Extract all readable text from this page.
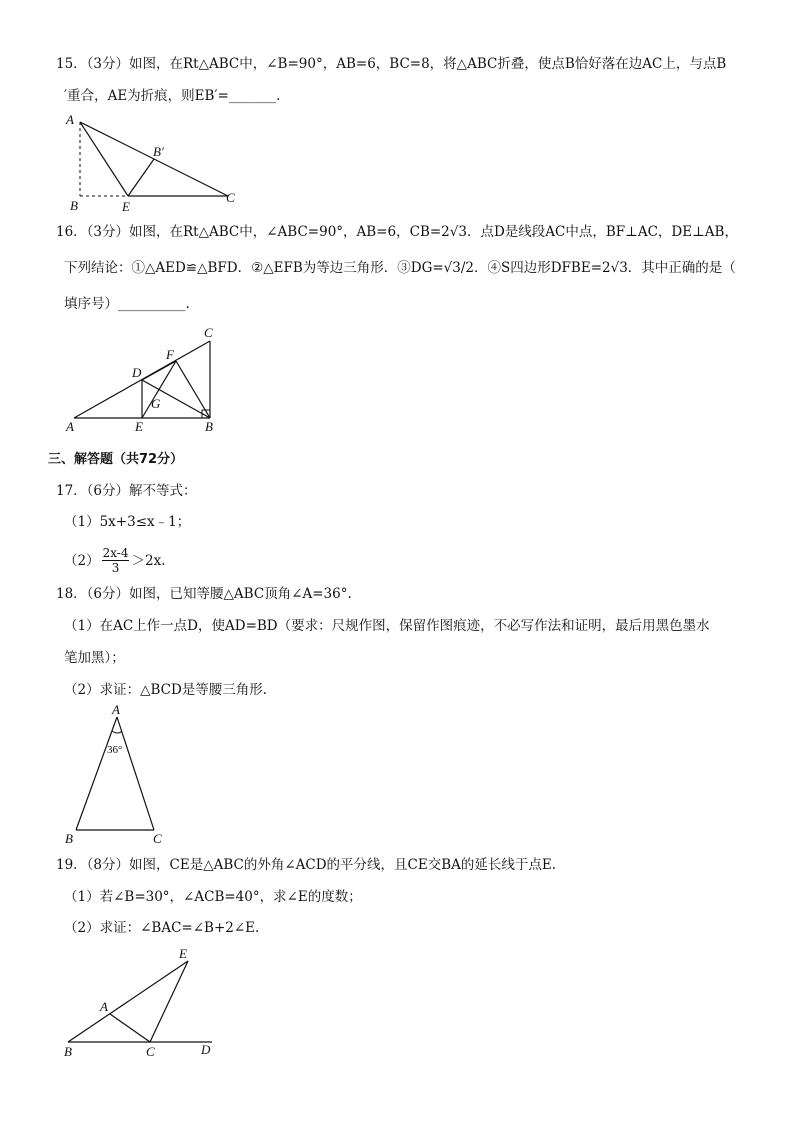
15．（3分）如图，在Rt△ABC中，∠B=90°，AB=6，BC=8，将△ABC折叠，使点B恰好落在边AC上，与点B
′重合，AE为折痕，则EB′=_______.
A
B′
B	E
C
16．（3分）如图，在Rt△ABC中，∠ABC=90°，AB=6，CB=2√3．点D是线段AC中点，BF⊥AC，DE⊥AB，
下列结论：①△AED≌△BFD．②△EFB为等边三角形．③DG=√3/2．④S四边形DFBE=2√3．其中正确的是（
填序号）__________.
C
F
D
G
A	E	B
三、解答题（共72分）
17．（6分）解不等式：
（1）5x+3≤x﹣1；
$(2) \frac{2x-4}{3} >2x$.
18．（6分）如图，已知等腰△ABC顶角∠A=36°.
（1）在AC上作一点D，使AD=BD（要求：尺规作图，保留作图痕迹，不必写作法和证明，最后用黑色墨水
笔加黑）；
（2）求证：△BCD是等腰三角形.
A
36°
B	C
19．（8分）如图，CE是△ABC的外角∠ACD的平分线，且CE交BA的延长线于点E.
（1）若∠B=30°，∠ACB=40°，求∠E的度数；
（2）求证：∠BAC=∠B+2∠E.
E
A
B	C	D
